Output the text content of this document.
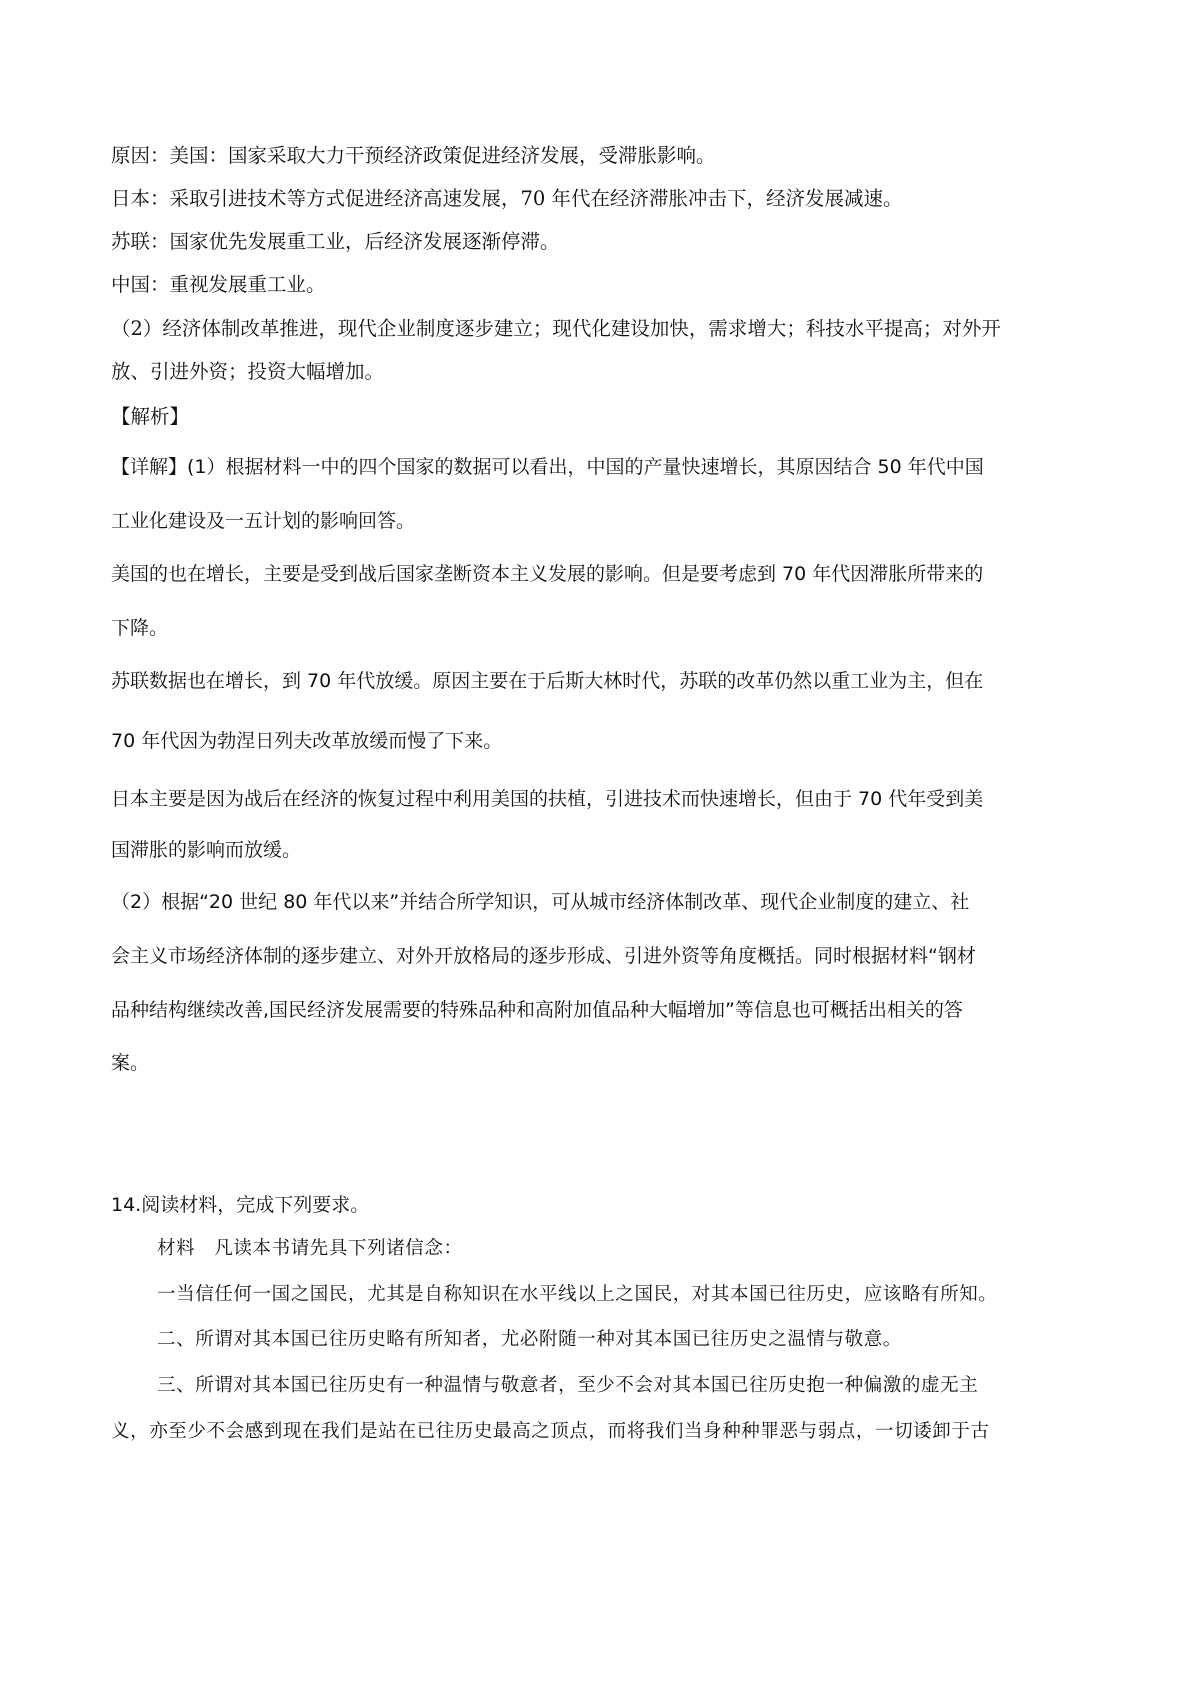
原因：美国：国家采取大力干预经济政策促进经济发展，受滞胀影响。
日本：采取引进技术等方式促进经济高速发展，70 年代在经济滞胀冲击下，经济发展减速。
苏联：国家优先发展重工业，后经济发展逐渐停滞。
中国：重视发展重工业。
（2）经济体制改革推进，现代企业制度逐步建立；现代化建设加快，需求增大；科技水平提高；对外开
放、引进外资；投资大幅增加。
【解析】
【详解】(1）根据材料一中的四个国家的数据可以看出，中国的产量快速增长，其原因结合 50 年代中国
工业化建设及一五计划的影响回答。
美国的也在增长，主要是受到战后国家垄断资本主义发展的影响。但是要考虑到 70 年代因滞胀所带来的
下降。
苏联数据也在增长，到 70 年代放缓。原因主要在于后斯大林时代，苏联的改革仍然以重工业为主，但在
70 年代因为勃涅日列夫改革放缓而慢了下来。
日本主要是因为战后在经济的恢复过程中利用美国的扶植，引进技术而快速增长，但由于 70 代年受到美
国滞胀的影响而放缓。
（2）根据“20 世纪 80 年代以来”并结合所学知识，可从城市经济体制改革、现代企业制度的建立、社
会主义市场经济体制的逐步建立、对外开放格局的逐步形成、引进外资等角度概括。同时根据材料“钢材
品种结构继续改善,国民经济发展需要的特殊品种和高附加值品种大幅增加”等信息也可概括出相关的答
案。
14.阅读材料，完成下列要求。
材料　凡读本书请先具下列诸信念：
一当信任何一国之国民，尤其是自称知识在水平线以上之国民，对其本国已往历史，应该略有所知。
二、所谓对其本国已往历史略有所知者，尤必附随一种对其本国已往历史之温情与敬意。
三、所谓对其本国已往历史有一种温情与敬意者，至少不会对其本国已往历史抱一种偏激的虚无主
义，亦至少不会感到现在我们是站在已往历史最高之顶点，而将我们当身种种罪恶与弱点，一切诿卸于古
